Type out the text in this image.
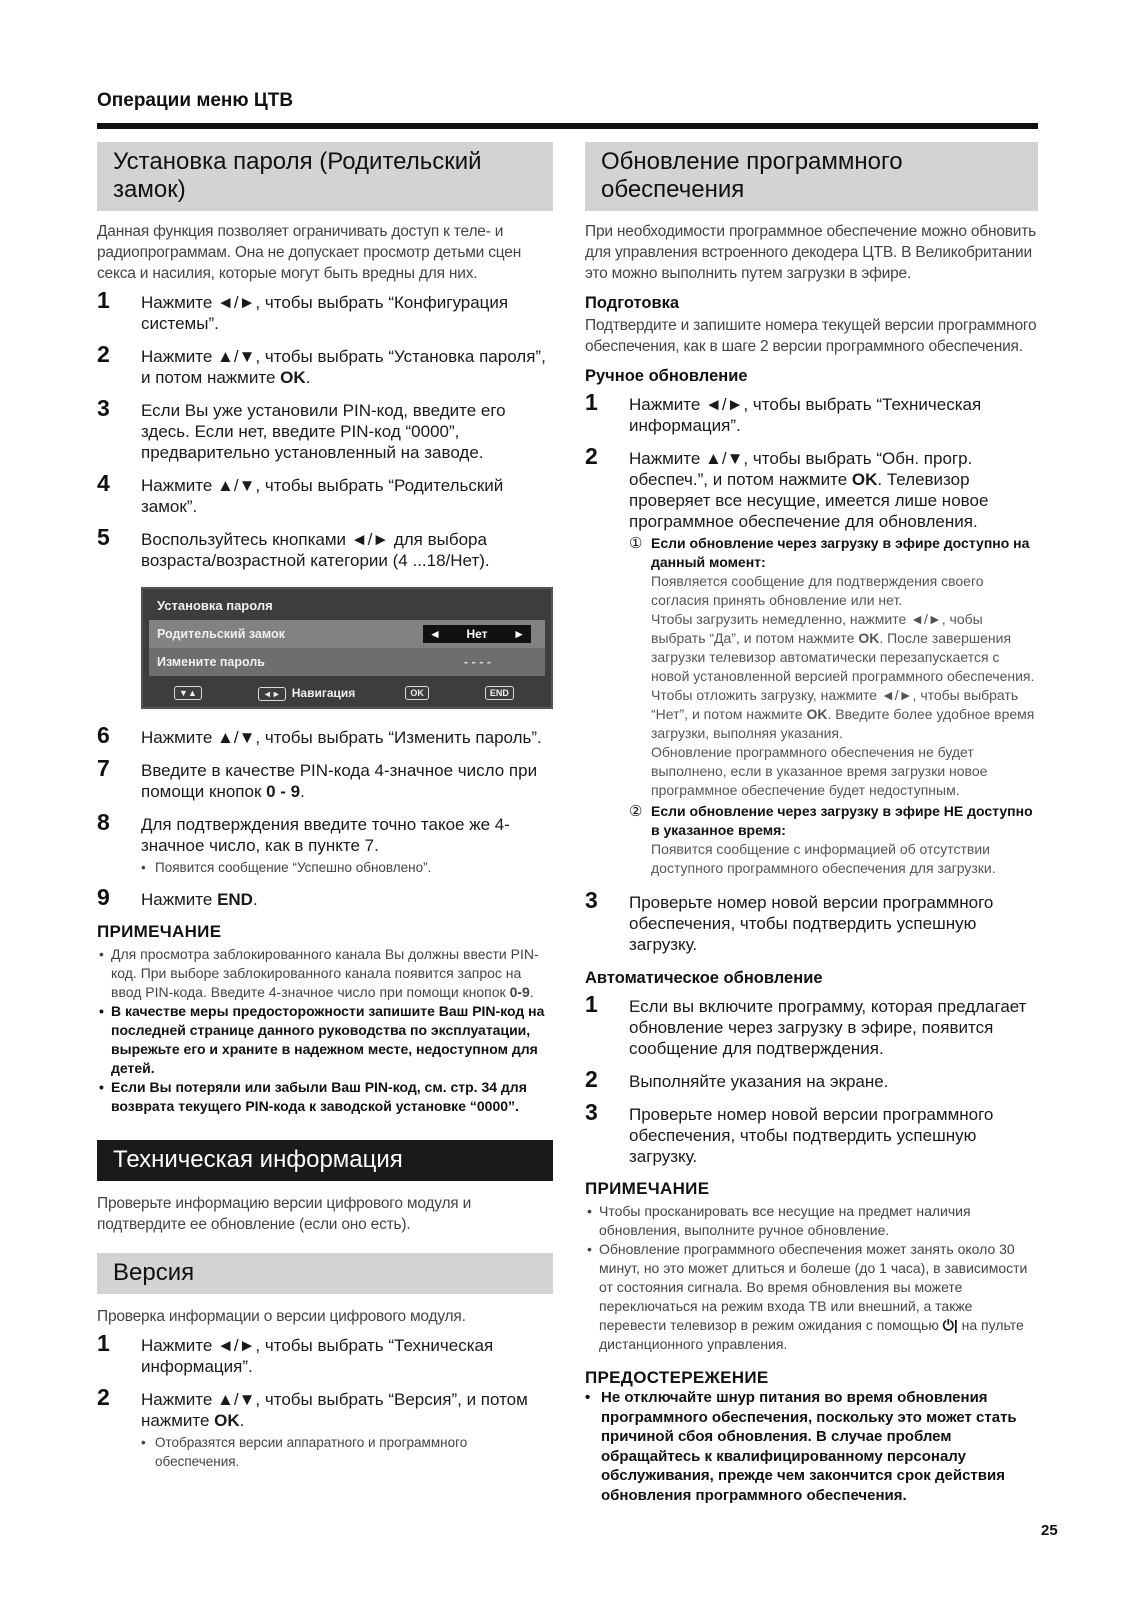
Операции меню ЦТВ
Установка пароля (Родительский замок)

Данная функция позволяет ограничивать доступ к теле- и радиопрограммам. Она не допускает просмотр детьми сцен секса и насилия, которые могут быть вредны для них.

1 Нажмите ◄/►, чтобы выбрать “Конфигурация системы”.
2 Нажмите ▲/▼, чтобы выбрать “Установка пароля”, и потом нажмите OK.
3 Если Вы уже установили PIN-код, введите его здесь. Если нет, введите PIN-код “0000”, предварительно установленный на заводе.
4 Нажмите ▲/▼, чтобы выбрать “Родительский замок”.
5 Воспользуйтесь кнопками ◄/► для выбора возраста/возрастной категории (4 ...18/Нет).
Установка пароля
Родительский замок	◄ Нет ►
Измените пароль	- - - -
▼▲	◄► Навигация	OK	END
6 Нажмите ▲/▼, чтобы выбрать “Изменить пароль”.
7 Введите в качестве PIN-кода 4-значное число при помощи кнопок 0 - 9.
8 Для подтверждения введите точно такое же 4-значное число, как в пункте 7.
• Появится сообщение “Успешно обновлено”.
9 Нажмите END.
ПРИМЕЧАНИЕ
• Для просмотра заблокированного канала Вы должны ввести PIN-код. При выборе заблокированного канала появится запрос на ввод PIN-кода. Введите 4-значное число при помощи кнопок 0-9.
• В качестве меры предосторожности запишите Ваш PIN-код на последней странице данного руководства по эксплуатации, вырежьте его и храните в надежном месте, недоступном для детей.
• Если Вы потеряли или забыли Ваш PIN-код, см. стр. 34 для возврата текущего PIN-кода к заводской установке “0000”.
Техническая информация

Проверьте информацию версии цифрового модуля и подтвердите ее обновление (если оно есть).

Версия

Проверка информации о версии цифрового модуля.

1 Нажмите ◄/►, чтобы выбрать “Техническая информация”.
2 Нажмите ▲/▼, чтобы выбрать “Версия”, и потом нажмите OK.
• Отобразятся версии аппаратного и программного обеспечения.
Обновление программного обеспечения

При необходимости программное обеспечение можно обновить для управления встроенного декодера ЦТВ. В Великобритании это можно выполнить путем загрузки в эфире.

Подготовка

Подтвердите и запишите номера текущей версии программного обеспечения, как в шаге 2 версии программного обеспечения.

Ручное обновление
1 Нажмите ◄/►, чтобы выбрать “Техническая информация”.
2 Нажмите ▲/▼, чтобы выбрать “Обн. прогр. обеспеч.”, и потом нажмите OK. Телевизор проверяет все несущие, имеется лише новое программное обеспечение для обновления.
① Если обновление через загрузку в эфире доступно на данный момент:
Появляется сообщение для подтверждения своего согласия принять обновление или нет.
Чтобы загрузить немедленно, нажмите ◄/►, чобы выбрать “Да”, и потом нажмите OK. После завершения загрузки телевизор автоматически перезапускается с новой установленной версией программного обеспечения.
Чтобы отложить загрузку, нажмите ◄/►, чтобы выбрать “Нет”, и потом нажмите OK. Введите более удобное время загрузки, выполняя указания.
Обновление программного обеспечения не будет выполнено, если в указанное время загрузки новое программное обеспечение будет недоступным.
② Если обновление через загрузку в эфире НЕ доступно в указанное время:
Появится сообщение с информацией об отсутствии доступного программного обеспечения для загрузки.
3 Проверьте номер новой версии программного обеспечения, чтобы подтвердить успешную загрузку.
Автоматическое обновление
1 Если вы включите программу, которая предлагает обновление через загрузку в эфире, появится сообщение для подтверждения.
2 Выполняйте указания на экране.
3 Проверьте номер новой версии программного обеспечения, чтобы подтвердить успешную загрузку.
ПРИМЕЧАНИЕ
• Чтобы просканировать все несущие на предмет наличия обновления, выполните ручное обновление.
• Обновление программного обеспечения может занять около 30 минут, но это может длиться и болеше (до 1 часа), в зависимости от состояния сигнала. Во время обновления вы можете переключаться на режим входа ТВ или внешний, а также перевести телевизор в режим ожидания с помощью ⏻| на пульте дистанционного управления.
ПРЕДОСТЕРЕЖЕНИЕ
• Не отключайте шнур питания во время обновления программного обеспечения, поскольку это может стать причиной сбоя обновления. В случае проблем обращайтесь к квалифицированному персоналу обслуживания, прежде чем закончится срок действия обновления программного обеспечения.
25
